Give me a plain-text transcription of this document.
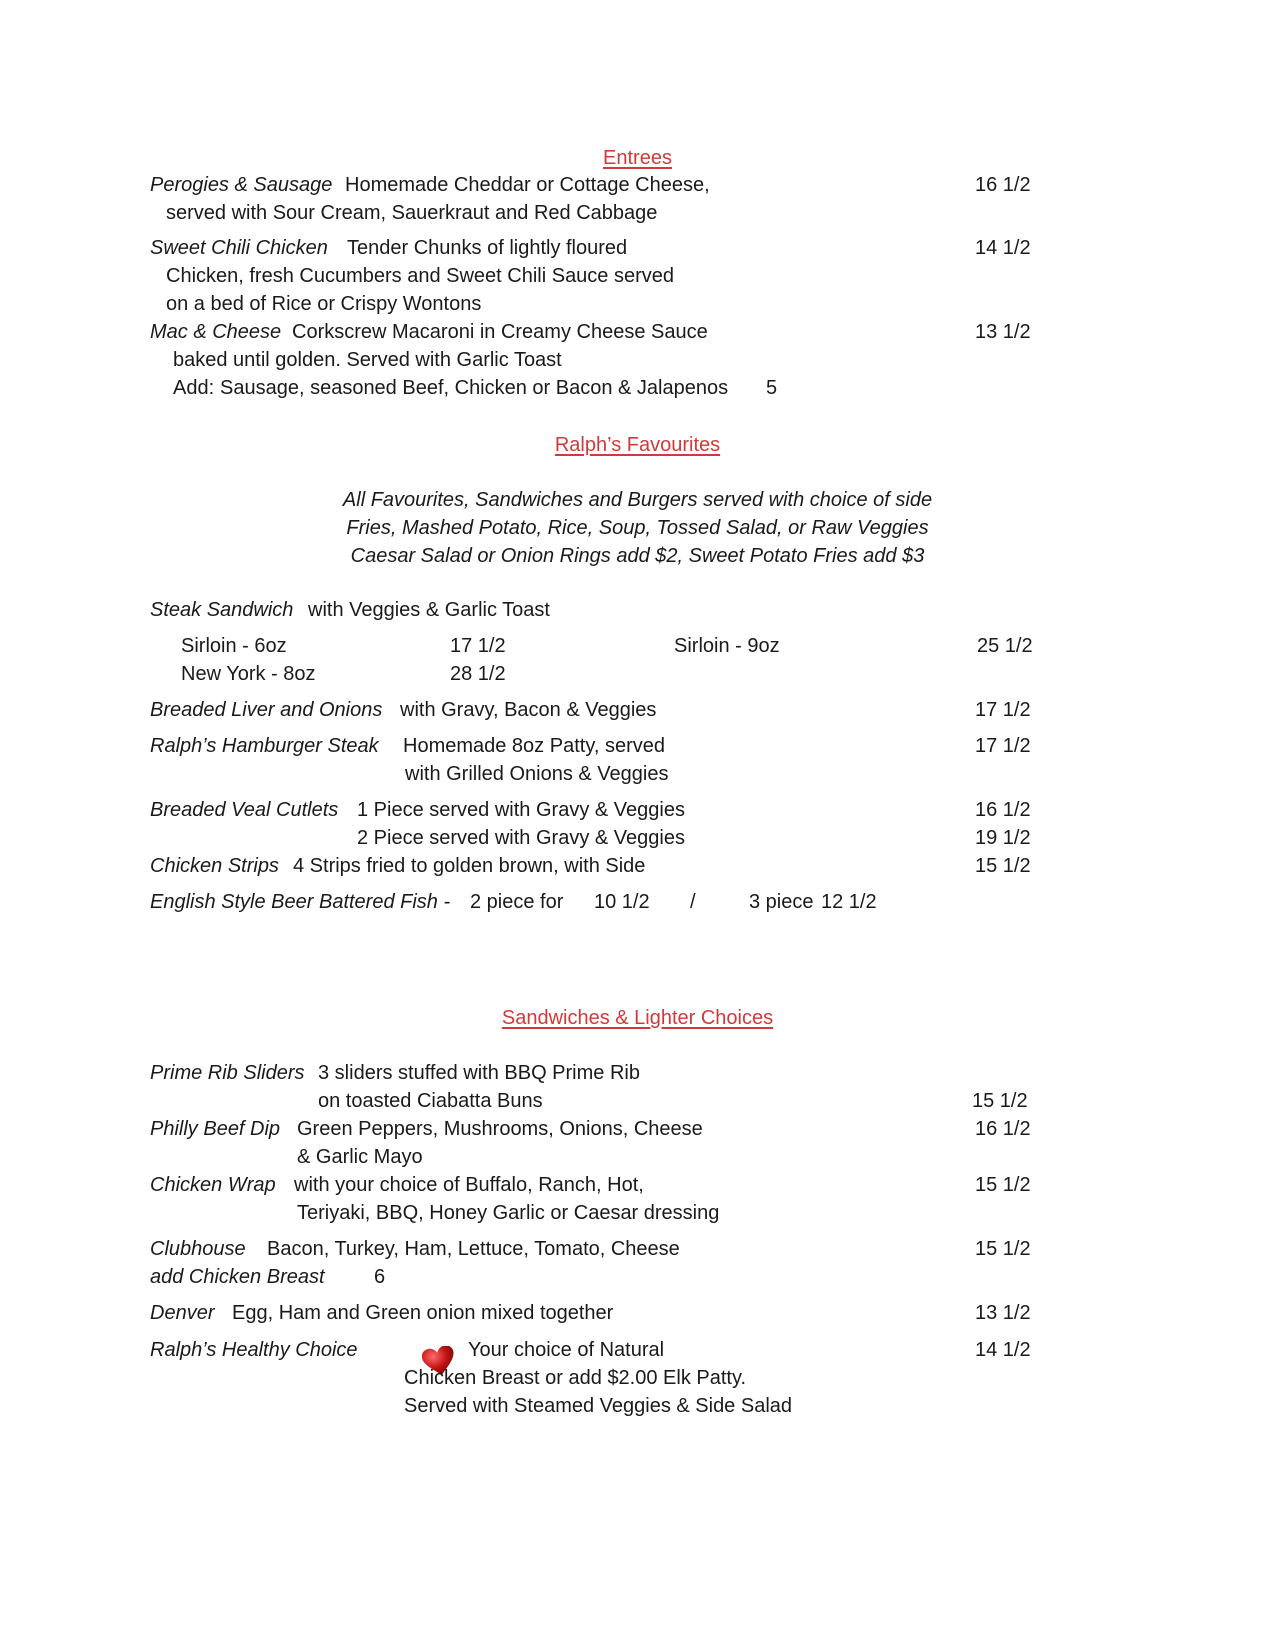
Entrees
Perogies & Sausage Homemade Cheddar or Cottage Cheese,	16 1/2
served with Sour Cream, Sauerkraut and Red Cabbage
Sweet Chili Chicken Tender Chunks of lightly floured	14 1/2
Chicken, fresh Cucumbers and Sweet Chili Sauce served
on a bed of Rice or Crispy Wontons
Mac & Cheese Corkscrew Macaroni in Creamy Cheese Sauce	13 1/2
baked until golden. Served with Garlic Toast
Add: Sausage, seasoned Beef, Chicken or Bacon & Jalapenos 5
Ralph’s Favourites
All Favourites, Sandwiches and Burgers served with choice of side
Fries, Mashed Potato, Rice, Soup, Tossed Salad, or Raw Veggies
Caesar Salad or Onion Rings add $2, Sweet Potato Fries add $3
Steak Sandwich with Veggies & Garlic Toast
Sirloin - 6oz	17 1/2	Sirloin - 9oz	25 1/2
New York - 8oz	28 1/2
Breaded Liver and Onions with Gravy, Bacon & Veggies	17 1/2
Ralph’s Hamburger Steak Homemade 8oz Patty, served	17 1/2
with Grilled Onions & Veggies
Breaded Veal Cutlets 1 Piece served with Gravy & Veggies	16 1/2
2 Piece served with Gravy & Veggies	19 1/2
Chicken Strips 4 Strips fried to golden brown, with Side	15 1/2
English Style Beer Battered Fish - 2 piece for 10 1/2 /	3 piece 12 1/2
Sandwiches & Lighter Choices
Prime Rib Sliders 3 sliders stuffed with BBQ Prime Rib
on toasted Ciabatta Buns	15 1/2
Philly Beef Dip Green Peppers, Mushrooms, Onions, Cheese	16 1/2
& Garlic Mayo
Chicken Wrap with your choice of Buffalo, Ranch, Hot,	15 1/2
Teriyaki, BBQ, Honey Garlic or Caesar dressing
Clubhouse Bacon, Turkey, Ham, Lettuce, Tomato, Cheese	15 1/2
add Chicken Breast 6
Denver Egg, Ham and Green onion mixed together	13 1/2
Ralph’s Healthy Choice	Your choice of Natural	14 1/2
Chicken Breast or add $2.00 Elk Patty.
Served with Steamed Veggies & Side Salad
